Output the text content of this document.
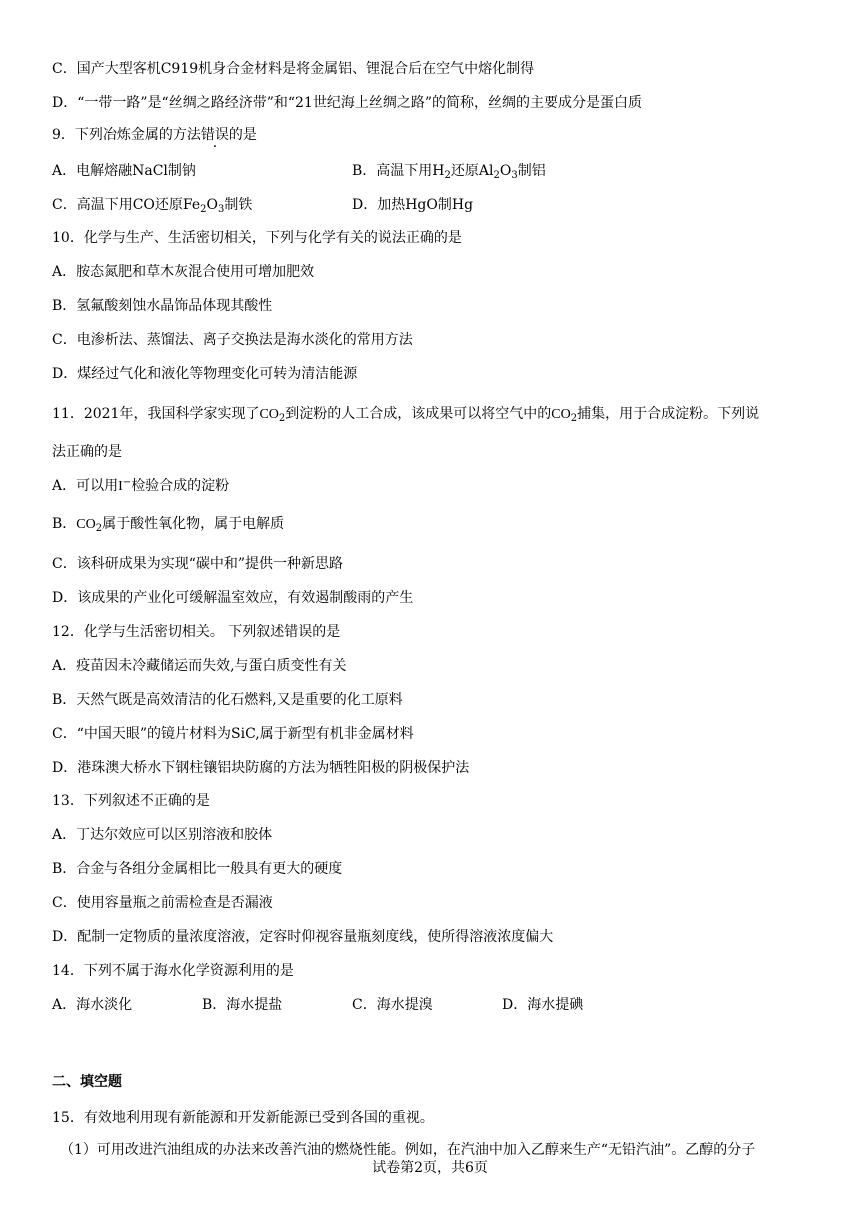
C．国产大型客机C919机身合金材料是将金属铝、锂混合后在空气中熔化制得
D．“一带一路”是“丝绸之路经济带”和“21世纪海上丝绸之路”的简称，丝绸的主要成分是蛋白质
9．下列冶炼金属的方法错误的是
A．电解熔融NaCl制钠	B．高温下用$H_2$还原$Al_2O_3$制铝
C．高温下用CO还原$Fe_2O_3$制铁	D．加热HgO制Hg
10．化学与生产、生活密切相关，下列与化学有关的说法正确的是
A．胺态氮肥和草木灰混合使用可增加肥效
B．氢氟酸刻蚀水晶饰品体现其酸性
C．电渗析法、蒸馏法、离子交换法是海水淡化的常用方法
D．煤经过气化和液化等物理变化可转为清洁能源
11．2021年，我国科学家实现了$CO_2$到淀粉的人工合成，该成果可以将空气中的$CO_2$捕集，用于合成淀粉。下列说
法正确的是
A．可以用I−检验合成的淀粉
B．$CO_2$属于酸性氧化物，属于电解质
C．该科研成果为实现“碳中和”提供一种新思路
D．该成果的产业化可缓解温室效应，有效遏制酸雨的产生
12．化学与生活密切相关。 下列叙述错误的是
A．疫苗因未冷藏储运而失效,与蛋白质变性有关
B．天然气既是高效清洁的化石燃料,又是重要的化工原料
C．“中国天眼”的镜片材料为SiC,属于新型有机非金属材料
D．港珠澳大桥水下钢柱镶铝块防腐的方法为牺牲阳极的阴极保护法
13．下列叙述不正确的是
A．丁达尔效应可以区别溶液和胶体
B．合金与各组分金属相比一般具有更大的硬度
C．使用容量瓶之前需检查是否漏液
D．配制一定物质的量浓度溶液，定容时仰视容量瓶刻度线，使所得溶液浓度偏大
14．下列不属于海水化学资源利用的是
A．海水淡化	B．海水提盐	C．海水提溴	D．海水提碘
二、填空题
15．有效地利用现有新能源和开发新能源已受到各国的重视。
（1）可用改进汽油组成的办法来改善汽油的燃烧性能。例如，在汽油中加入乙醇来生产“无铅汽油”。乙醇的分子
试卷第2页，共6页
